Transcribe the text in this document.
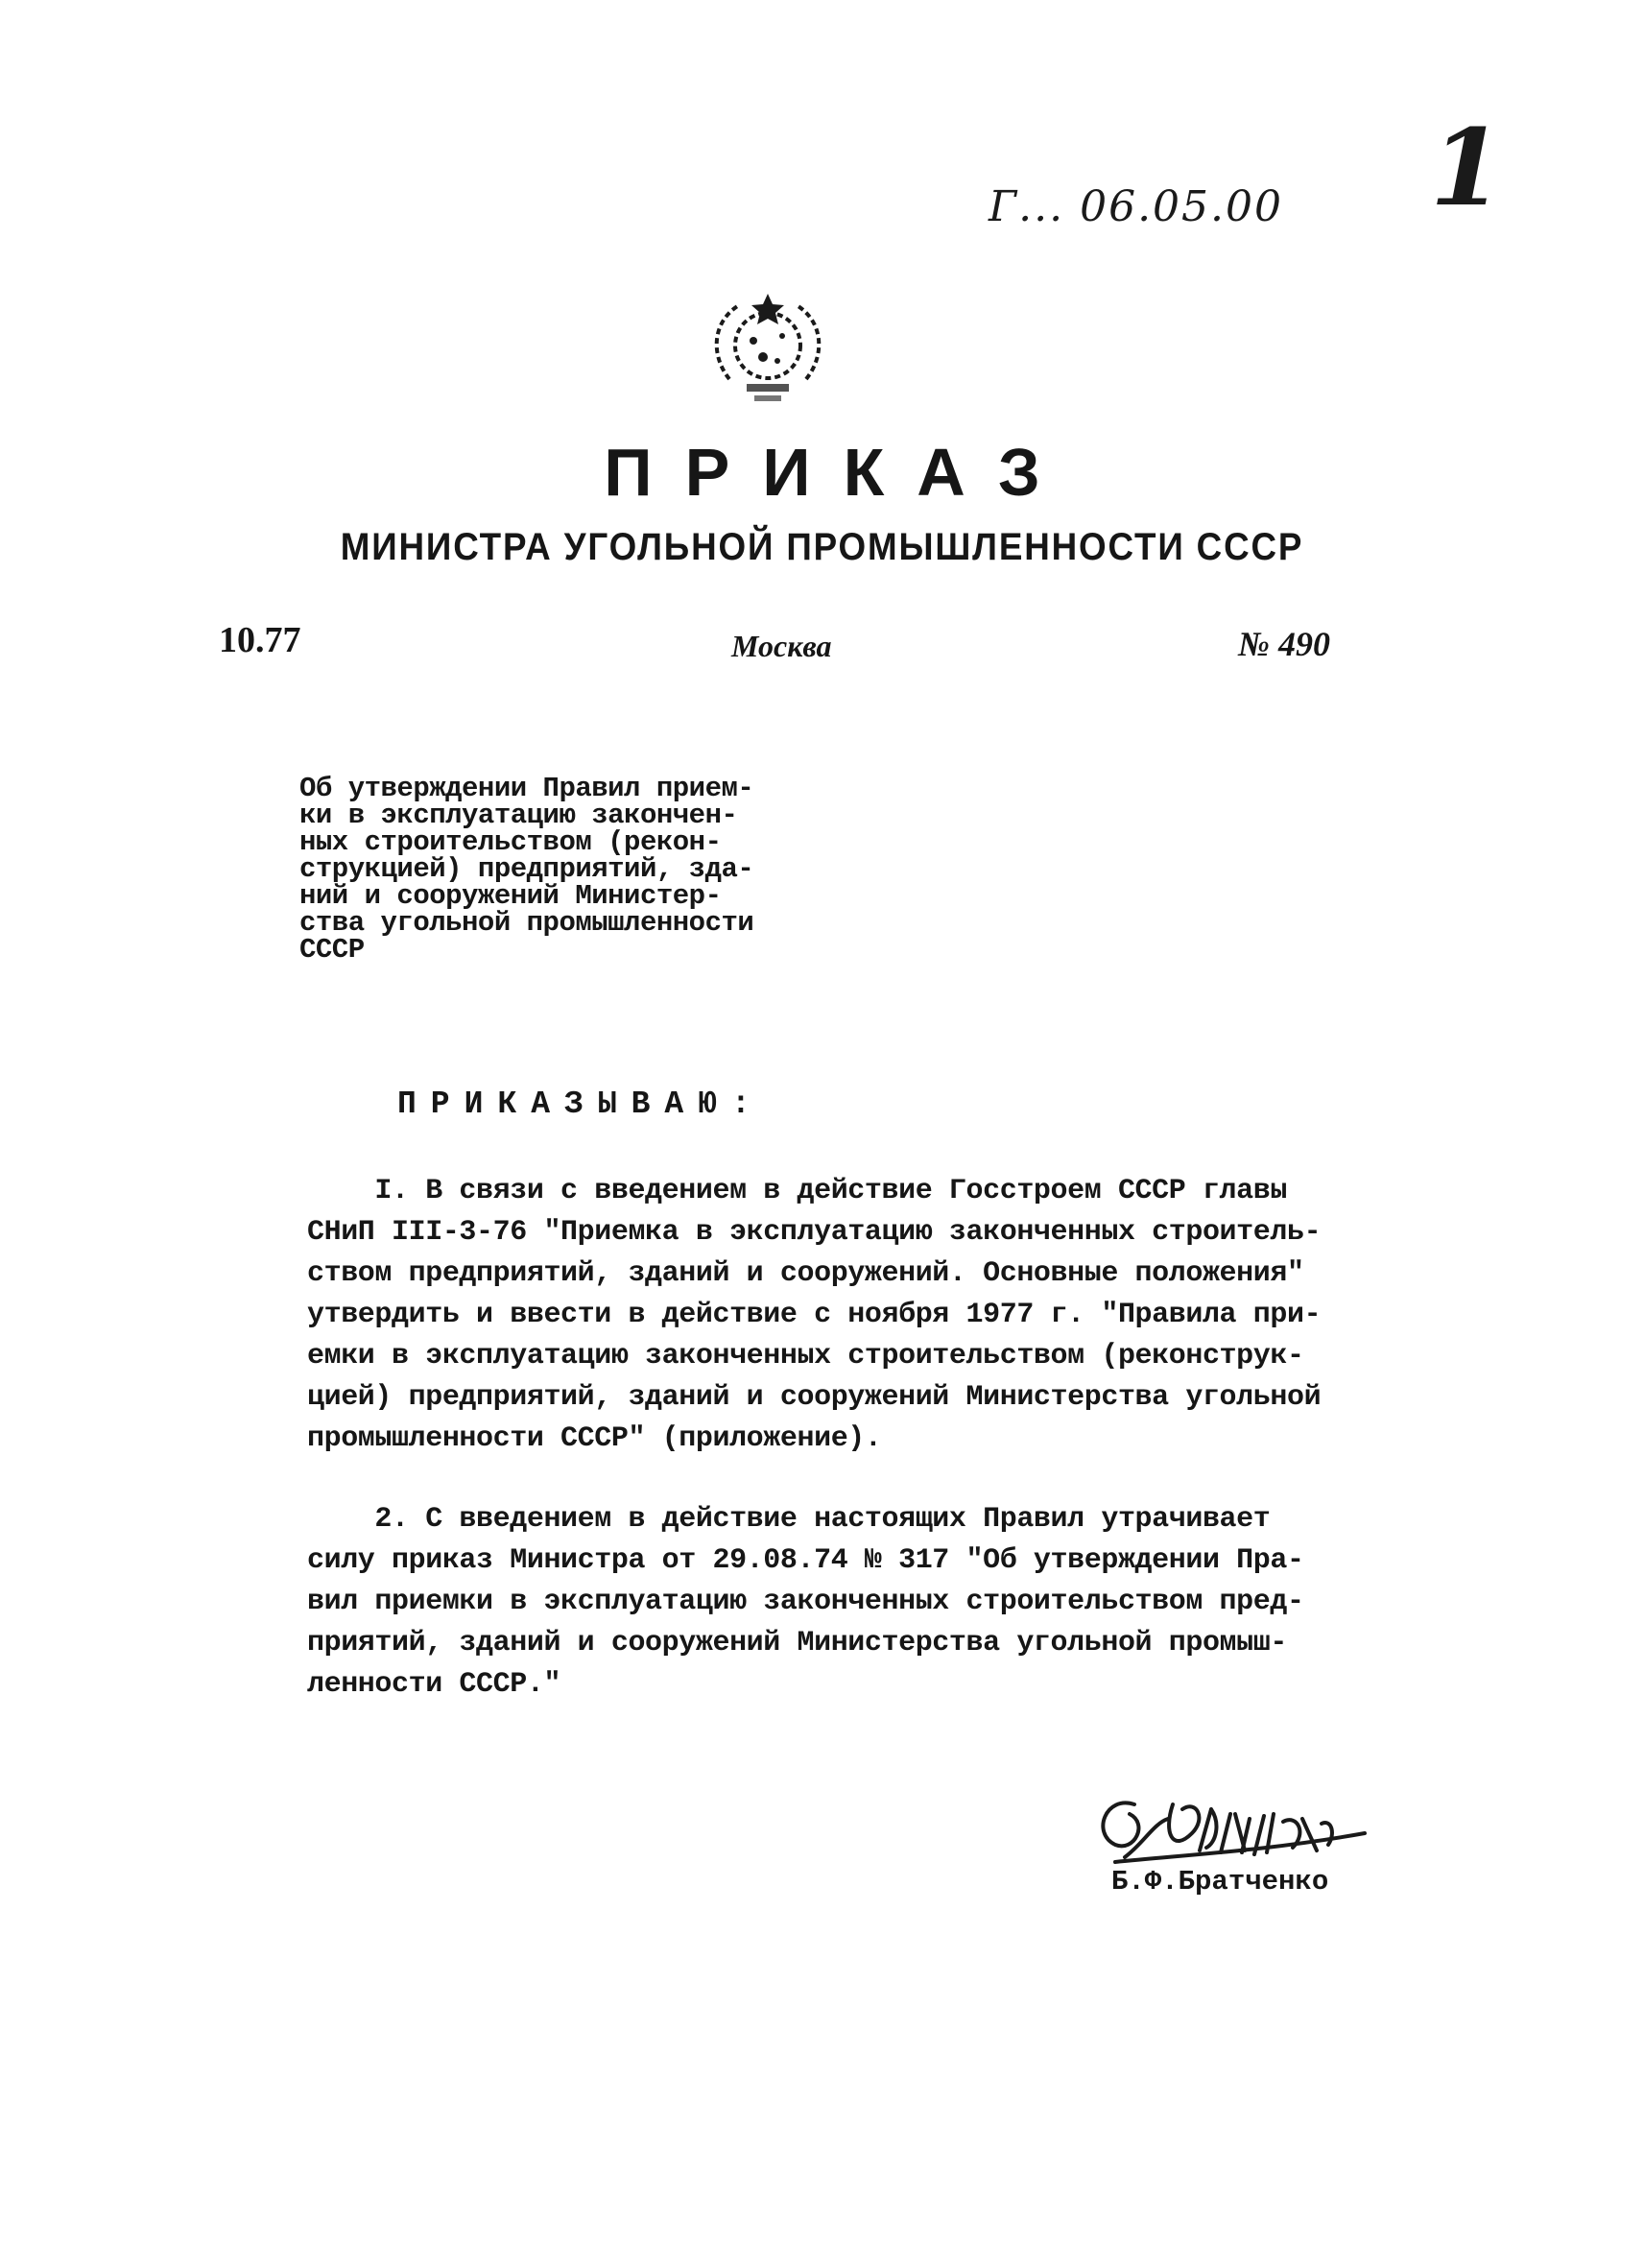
1
Г... 06.05.00
ПРИКАЗ
МИНИСТРА УГОЛЬНОЙ ПРОМЫШЛЕННОСТИ СССР
10.77	Москва	№ 490
Об утверждении Правил прием-
ки в эксплуатацию закончен-
ных строительством (рекон-
струкцией) предприятий, зда-
ний и сооружений Министер-
ства угольной промышленности
СССР
ПРИКАЗЫВАЮ:
I. В связи с введением в действие Госстроем СССР главы
СНиП III-3-76 "Приемка в эксплуатацию законченных строитель-
ством предприятий, зданий и сооружений. Основные положения"
утвердить и ввести в действие с ноября 1977 г. "Правила при-
емки в эксплуатацию законченных строительством (реконструк-
цией) предприятий, зданий и сооружений Министерства угольной
промышленности СССР" (приложение).
2. С введением в действие настоящих Правил утрачивает
силу приказ Министра от 29.08.74 № 317 "Об утверждении Пра-
вил приемки в эксплуатацию законченных строительством пред-
приятий, зданий и сооружений Министерства угольной промыш-
ленности СССР."
Б.Ф.Братченко
